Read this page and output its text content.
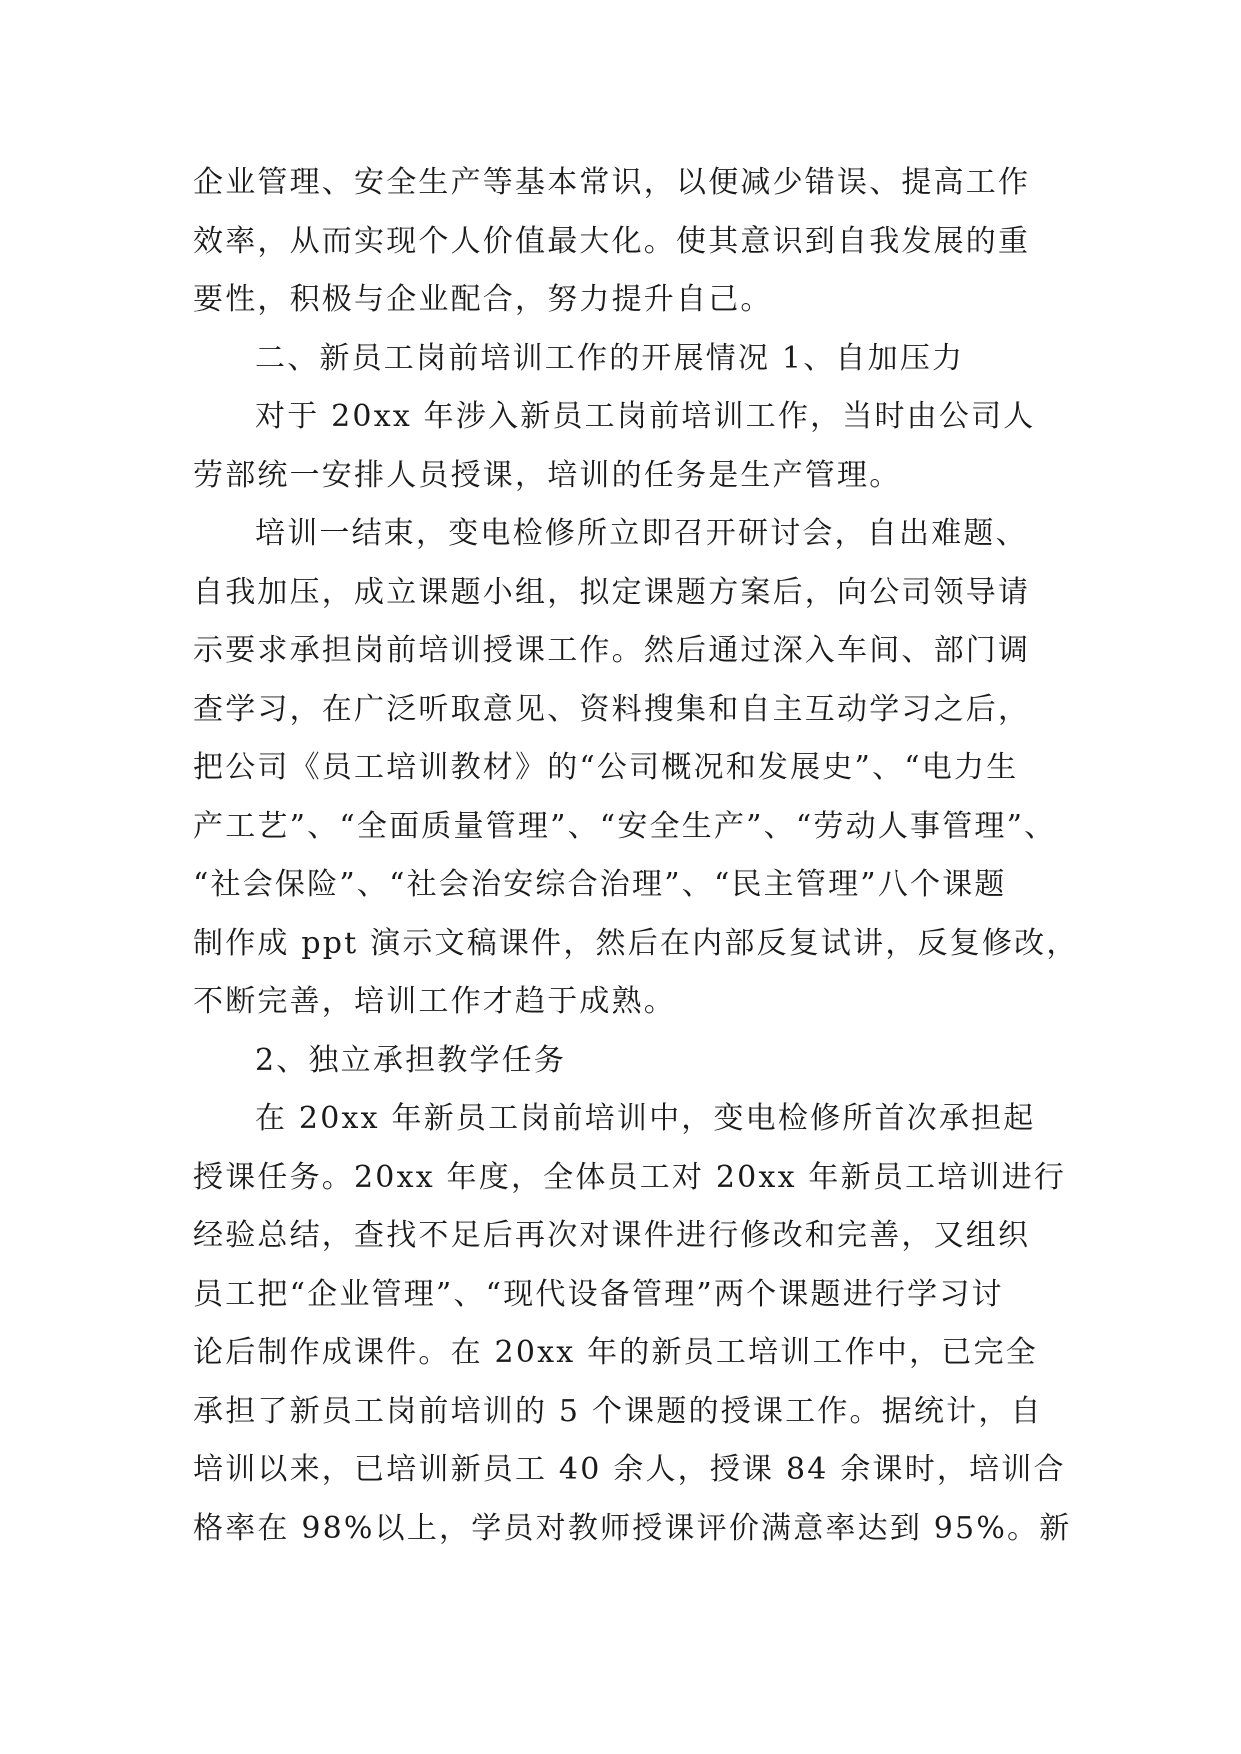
企业管理、安全生产等基本常识，以便减少错误、提高工作
效率，从而实现个人价值最大化。使其意识到自我发展的重
要性，积极与企业配合，努力提升自己。
二、新员工岗前培训工作的开展情况 1、自加压力
对于 20xx 年涉入新员工岗前培训工作，当时由公司人
劳部统一安排人员授课，培训的任务是生产管理。
培训一结束，变电检修所立即召开研讨会，自出难题、
自我加压，成立课题小组，拟定课题方案后，向公司领导请
示要求承担岗前培训授课工作。然后通过深入车间、部门调
查学习，在广泛听取意见、资料搜集和自主互动学习之后，
把公司《员工培训教材》的“公司概况和发展史”、“电力生
产工艺”、“全面质量管理”、“安全生产”、“劳动人事管理”、
“社会保险”、“社会治安综合治理”、“民主管理”八个课题
制作成 ppt 演示文稿课件，然后在内部反复试讲，反复修改，
不断完善，培训工作才趋于成熟。
2、独立承担教学任务
在 20xx 年新员工岗前培训中，变电检修所首次承担起
授课任务。20xx 年度，全体员工对 20xx 年新员工培训进行
经验总结，查找不足后再次对课件进行修改和完善，又组织
员工把“企业管理”、“现代设备管理”两个课题进行学习讨
论后制作成课件。在 20xx 年的新员工培训工作中，已完全
承担了新员工岗前培训的 5 个课题的授课工作。据统计，自
培训以来，已培训新员工 40 余人，授课 84 余课时，培训合
格率在 98%以上，学员对教师授课评价满意率达到 95%。新
